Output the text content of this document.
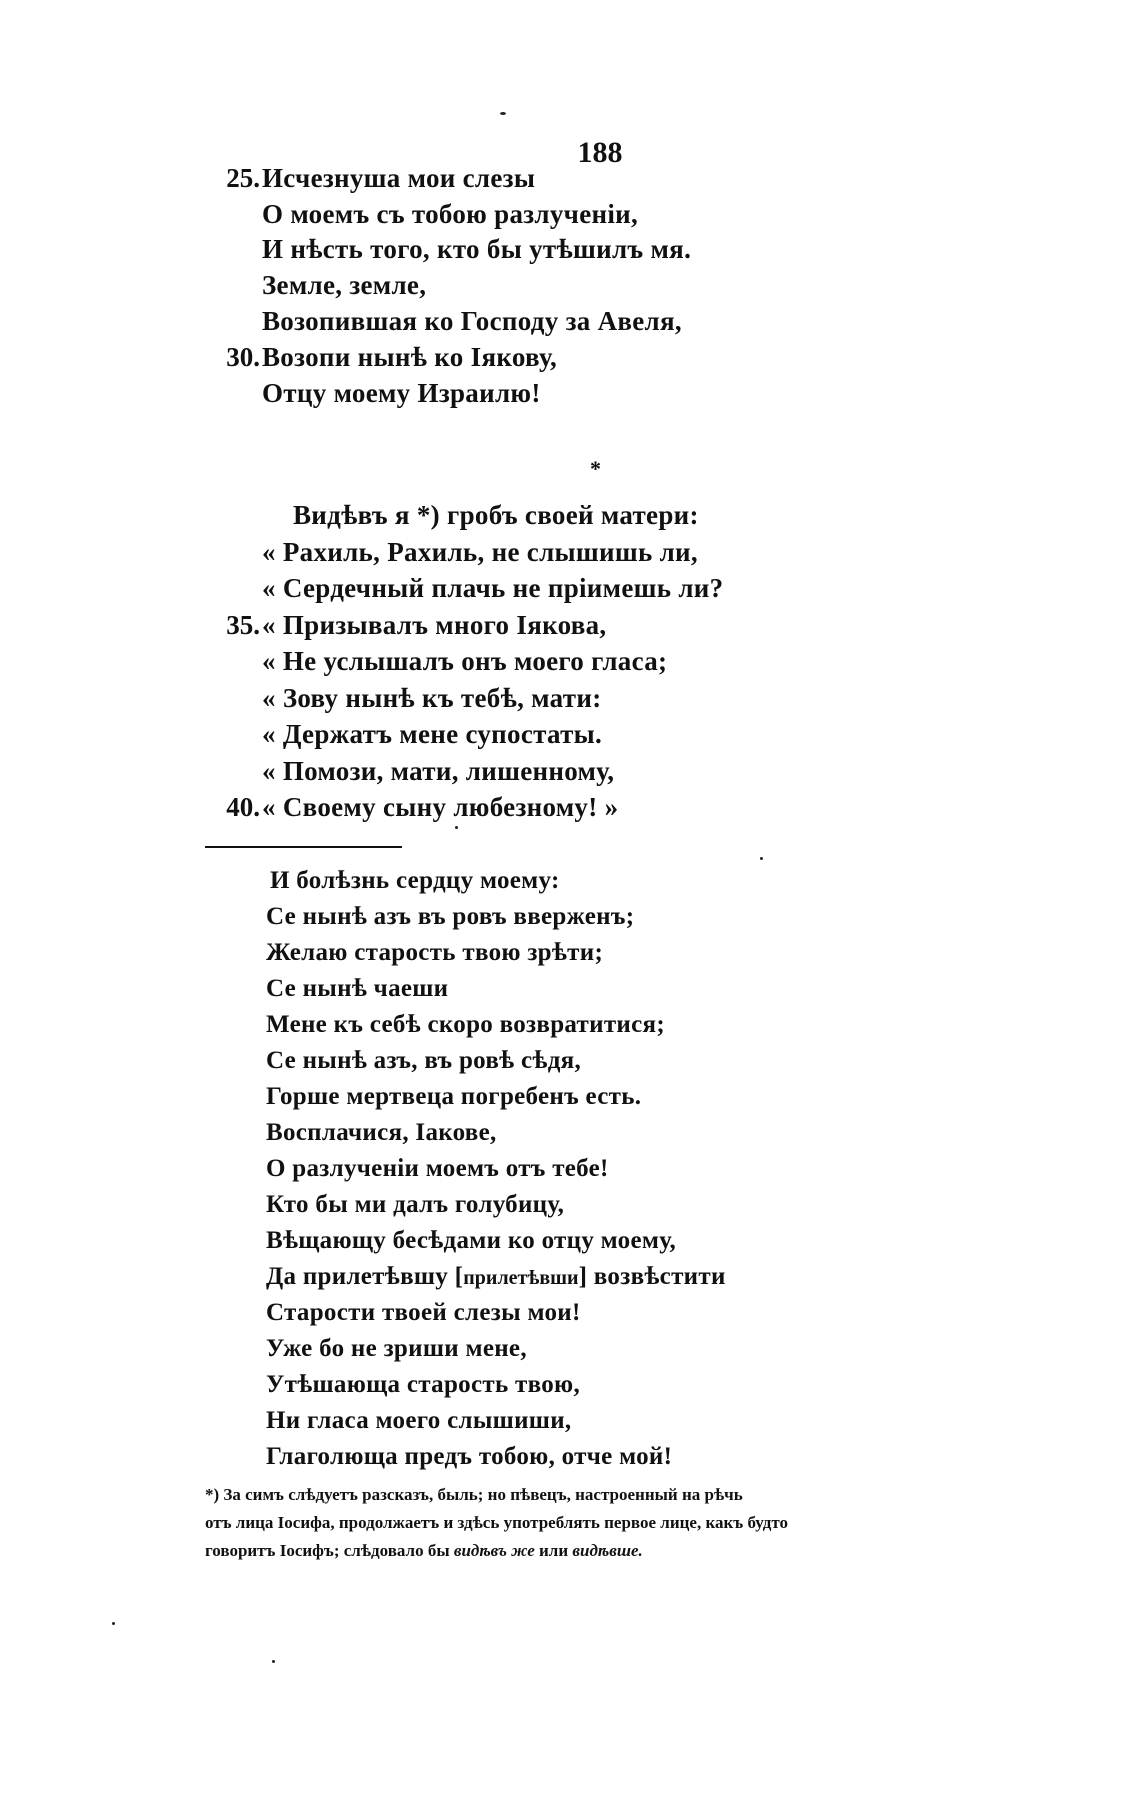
188
25. Исчезнуша мои слезы
О моемъ съ тобою разлученіи,
И нѣсть того, кто бы утѣшилъ мя.
Земле, земле,
Возопившая ко Господу за Авеля,
30. Возопи нынѣ ко Іякову,
Отцу моему Израилю!
*
Видѣвъ я *) гробъ своей матери:
« Рахиль, Рахиль, не слышишь ли,
« Сердечный плачь не пріимешь ли?
35. « Призывалъ много Іякова,
« Не услышалъ онъ моего гласа;
« Зову нынѣ къ тебѣ, мати:
« Держатъ мене супостаты.
« Помози, мати, лишенному,
40. « Своему сыну любезному! »
И болѣзнь сердцу моему:
Се нынѣ азъ въ ровъ вверженъ;
Желаю старость твою зрѣти;
Се нынѣ чаеши
Мене къ себѣ скоро возвратитися;
Се нынѣ азъ, въ ровѣ сѣдя,
Горше мертвеца погребенъ есть.
Восплачися, Іакове,
О разлученіи моемъ отъ тебе!
Кто бы ми далъ голубицу,
Вѣщающу бесѣдами ко отцу моему,
Да прилетѣвшу [прилетѣвши] возвѣстити
Старости твоей слезы мои!
Уже бо не зриши мене,
Утѣшающа старость твою,
Ни гласа моего слышиши,
Глаголюща предъ тобою, отче мой!
*) За симъ слѣдуетъ разсказъ, быль; но пѣвецъ, настроенный на рѣчь
отъ лица Іосифа, продолжаетъ и здѣсь употреблять первое лице, какъ будто
говоритъ Іосифъ; слѣдовало бы видѣвъ же или видѣвше.
